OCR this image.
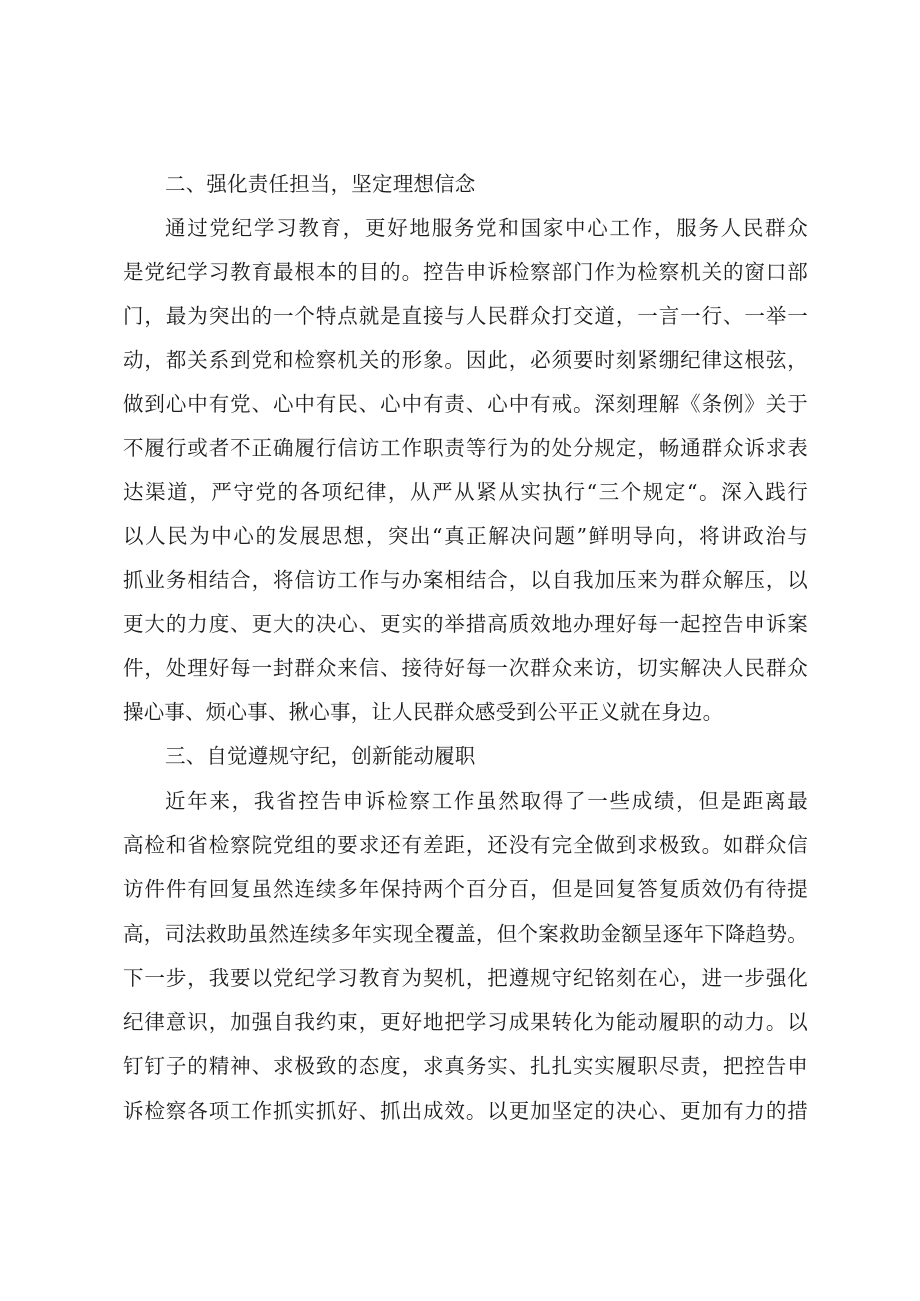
二、强化责任担当，坚定理想信念
通过党纪学习教育，更好地服务党和国家中心工作，服务人民群众
是党纪学习教育最根本的目的。控告申诉检察部门作为检察机关的窗口部
门，最为突出的一个特点就是直接与人民群众打交道，一言一行、一举一
动，都关系到党和检察机关的形象。因此，必须要时刻紧绷纪律这根弦，
做到心中有党、心中有民、心中有责、心中有戒。深刻理解《条例》关于
不履行或者不正确履行信访工作职责等行为的处分规定，畅通群众诉求表
达渠道，严守党的各项纪律，从严从紧从实执行“三个规定“。深入践行
以人民为中心的发展思想，突出“真正解决问题”鲜明导向，将讲政治与
抓业务相结合，将信访工作与办案相结合，以自我加压来为群众解压，以
更大的力度、更大的决心、更实的举措高质效地办理好每一起控告申诉案
件，处理好每一封群众来信、接待好每一次群众来访，切实解决人民群众
操心事、烦心事、揪心事，让人民群众感受到公平正义就在身边。
三、自觉遵规守纪，创新能动履职
近年来，我省控告申诉检察工作虽然取得了一些成绩，但是距离最
高检和省检察院党组的要求还有差距，还没有完全做到求极致。如群众信
访件件有回复虽然连续多年保持两个百分百，但是回复答复质效仍有待提
高，司法救助虽然连续多年实现全覆盖，但个案救助金额呈逐年下降趋势。
下一步，我要以党纪学习教育为契机，把遵规守纪铭刻在心，进一步强化
纪律意识，加强自我约束，更好地把学习成果转化为能动履职的动力。以
钉钉子的精神、求极致的态度，求真务实、扎扎实实履职尽责，把控告申
诉检察各项工作抓实抓好、抓出成效。以更加坚定的决心、更加有力的措
